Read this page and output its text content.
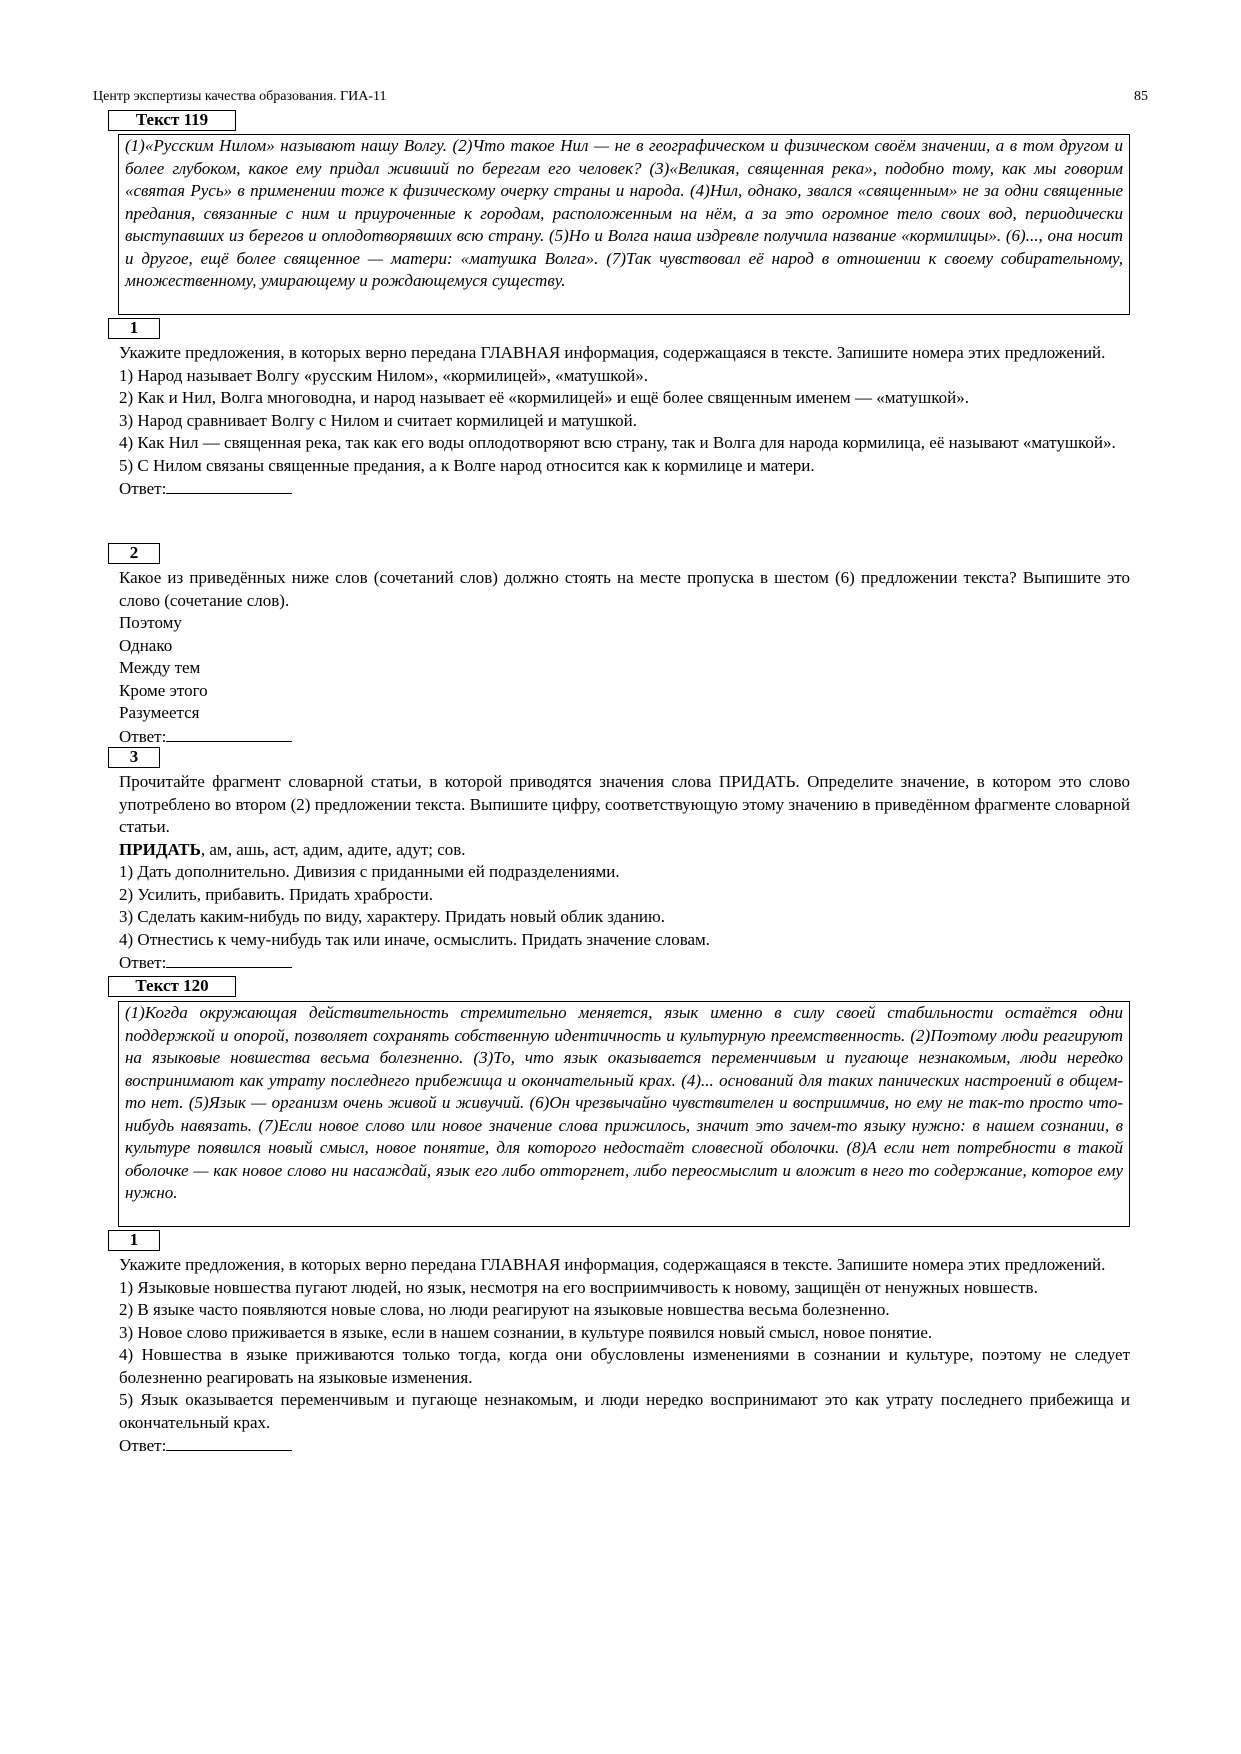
Центр экспертизы качества образования. ГИА-11	85
Текст 119
(1)«Русским Нилом» называют нашу Волгу. (2)Что такое Нил — не в географическом и физическом своём значении, а в том другом и более глубоком, какое ему придал живший по берегам его человек? (3)«Великая, священная река», подобно тому, как мы говорим «святая Русь» в применении тоже к физическому очерку страны и народа. (4)Нил, однако, звался «священным» не за одни священные предания, связанные с ним и приуроченные к городам, расположенным на нём, а за это огромное тело своих вод, периодически выступавших из берегов и оплодотворявших всю страну. (5)Но и Волга наша издревле получила название «кормилицы». (6)..., она носит и другое, ещё более священное — матери: «матушка Волга». (7)Так чувствовал её народ в отношении к своему собирательному, множественному, умирающему и рождающемуся существу.
1

Укажите предложения, в которых верно передана ГЛАВНАЯ информация, содержащаяся в тексте. Запишите номера этих предложений.

1) Народ называет Волгу «русским Нилом», «кормилицей», «матушкой».

2) Как и Нил, Волга многоводна, и народ называет её «кормилицей» и ещё более священным именем — «матушкой».

3) Народ сравнивает Волгу с Нилом и считает кормилицей и матушкой.

4) Как Нил — священная река, так как его воды оплодотворяют всю страну, так и Волга для народа кормилица, её называют «матушкой».

5) С Нилом связаны священные предания, а к Волге народ относится как к кормилице и матери.

Ответ:

2

Какое из приведённых ниже слов (сочетаний слов) должно стоять на месте пропуска в шестом (6) предложении текста? Выпишите это слово (сочетание слов).

Поэтому

Однако

Между тем

Кроме этого

Разумеется

Ответ:

3

Прочитайте фрагмент словарной статьи, в которой приводятся значения слова ПРИДАТЬ. Определите значение, в котором это слово употреблено во втором (2) предложении текста. Выпишите цифру, соответствующую этому значению в приведённом фрагменте словарной статьи.

ПРИДАТЬ, ам, ашь, аст, адим, адите, адут; сов.

1) Дать дополнительно. Дивизия с приданными ей подразделениями.

2) Усилить, прибавить. Придать храбрости.

3) Сделать каким-нибудь по виду, характеру. Придать новый облик зданию.

4) Отнестись к чему-нибудь так или иначе, осмыслить. Придать значение словам.

Ответ:

Текст 120
(1)Когда окружающая действительность стремительно меняется, язык именно в силу своей стабильности остаётся одни поддержкой и опорой, позволяет сохранять собственную идентичность и культурную преемственность. (2)Поэтому люди реагируют на языковые новшества весьма болезненно. (3)То, что язык оказывается переменчивым и пугающе незнакомым, люди нередко воспринимают как утрату последнего прибежища и окончательный крах. (4)... оснований для таких панических настроений в общем-то нет. (5)Язык — организм очень живой и живучий. (6)Он чрезвычайно чувствителен и восприимчив, но ему не так-то просто что-нибудь навязать. (7)Если новое слово или новое значение слова прижилось, значит это зачем-то языку нужно: в нашем сознании, в культуре появился новый смысл, новое понятие, для которого недостаёт словесной оболочки. (8)А если нет потребности в такой оболочке — как новое слово ни насаждай, язык его либо отторгнет, либо переосмыслит и вложит в него то содержание, которое ему нужно.
1

Укажите предложения, в которых верно передана ГЛАВНАЯ информация, содержащаяся в тексте. Запишите номера этих предложений.

1) Языковые новшества пугают людей, но язык, несмотря на его восприимчивость к новому, защищён от ненужных новшеств.

2) В языке часто появляются новые слова, но люди реагируют на языковые новшества весьма болезненно.

3) Новое слово приживается в языке, если в нашем сознании, в культуре появился новый смысл, новое понятие.

4) Новшества в языке приживаются только тогда, когда они обусловлены изменениями в сознании и культуре, поэтому не следует болезненно реагировать на языковые изменения.

5) Язык оказывается переменчивым и пугающе незнакомым, и люди нередко воспринимают это как утрату последнего прибежища и окончательный крах.

Ответ:
